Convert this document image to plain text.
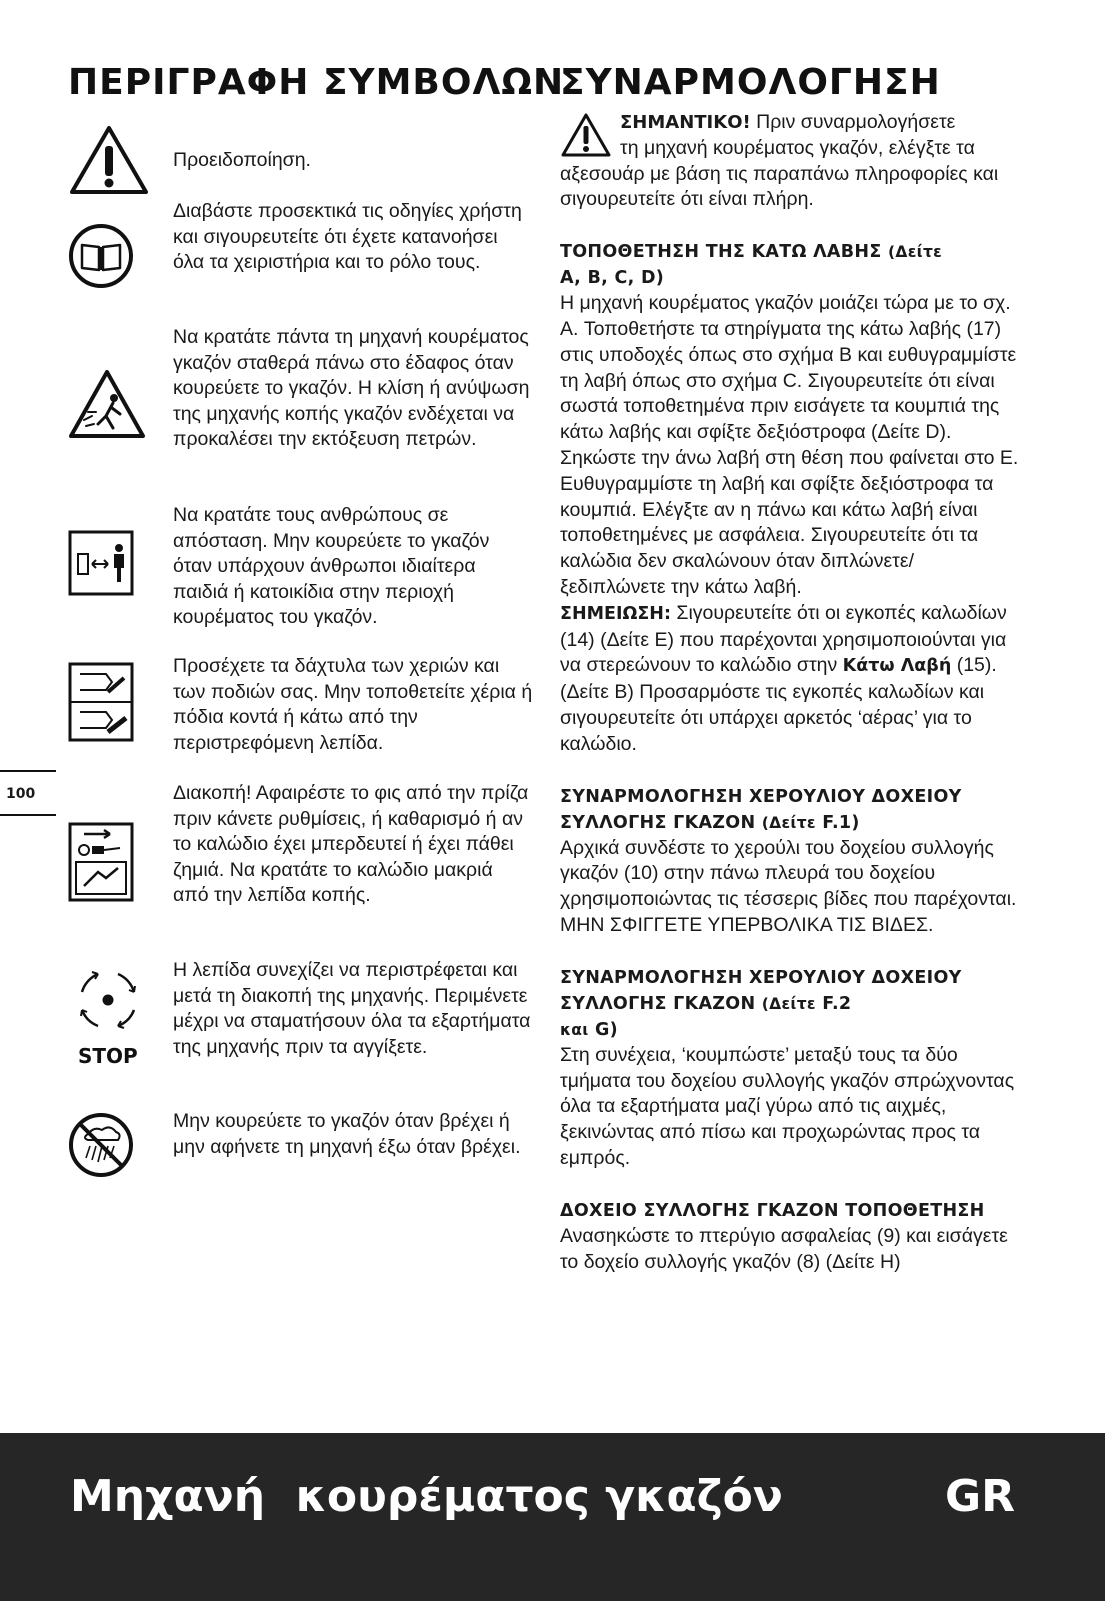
ΠΕΡΙΓΡΑΦΗ ΣΥΜΒΟΛΩΝ
ΣΥΝΑΡΜΟΛΟΓΗΣΗ
Προειδοποίηση.
Διαβάστε προσεκτικά τις οδηγίες χρήστη και σιγουρευτείτε ότι έχετε κατανοήσει όλα τα χειριστήρια και το ρόλο τους.
Να κρατάτε πάντα τη μηχανή κουρέματος γκαζόν σταθερά πάνω στο έδαφος όταν κουρεύετε το γκαζόν. Η κλίση ή ανύψωση της μηχανής κοπής γκαζόν ενδέχεται να προκαλέσει την εκτόξευση πετρών.
Να κρατάτε τους ανθρώπους σε απόσταση. Μην κουρεύετε το γκαζόν όταν υπάρχουν άνθρωποι ιδιαίτερα παιδιά ή κατοικίδια στην περιοχή κουρέματος του γκαζόν.
Προσέχετε τα δάχτυλα των χεριών και των ποδιών σας. Μην τοποθετείτε χέρια ή πόδια κοντά ή κάτω από την περιστρεφόμενη λεπίδα.
Διακοπή! Αφαιρέστε το φις από την πρίζα πριν κάνετε ρυθμίσεις, ή καθαρισμό ή αν το καλώδιο έχει μπερδευτεί ή έχει πάθει ζημιά. Να κρατάτε το καλώδιο μακριά από την λεπίδα κοπής.
STOP
Η λεπίδα συνεχίζει να περιστρέφεται και μετά τη διακοπή της μηχανής. Περιμένετε μέχρι να σταματήσουν όλα τα εξαρτήματα της μηχανής πριν τα αγγίξετε.
Μην κουρεύετε το γκαζόν όταν βρέχει ή μην αφήνετε τη μηχανή έξω όταν βρέχει.
100
ΣΗΜΑΝΤΙΚΟ! Πριν συναρμολογήσετε
τη μηχανή κουρέματος γκαζόν, ελέγξτε τα
αξεσουάρ με βάση τις παραπάνω πληροφορίες και σιγουρευτείτε ότι είναι πλήρη.
ΤΟΠΟΘΕΤΗΣΗ ΤΗΣ ΚΑΤΩ ΛΑΒΗΣ (Δείτε
A, B, C, D)

Η μηχανή κουρέματος γκαζόν μοιάζει τώρα με το σχ. A. Τοποθετήστε τα στηρίγματα της κάτω λαβής (17) στις υποδοχές όπως στο σχήμα B και ευθυγραμμίστε τη λαβή όπως στο σχήμα C. Σιγουρευτείτε ότι είναι σωστά τοποθετημένα πριν εισάγετε τα κουμπιά της κάτω λαβής και σφίξτε δεξιόστροφα (Δείτε D). Σηκώστε την άνω λαβή στη θέση που φαίνεται στο E. Ευθυγραμμίστε τη λαβή και σφίξτε δεξιόστροφα τα κουμπιά. Ελέγξτε αν η πάνω και κάτω λαβή είναι τοποθετημένες με ασφάλεια. Σιγουρευτείτε ότι τα καλώδια δεν σκαλώνουν όταν διπλώνετε/ ξεδιπλώνετε την κάτω λαβή.

ΣΗΜΕΙΩΣΗ: Σιγουρευτείτε ότι οι εγκοπές καλωδίων (14) (Δείτε E) που παρέχονται χρησιμοποιούνται για να στερεώνουν το καλώδιο στην Κάτω Λαβή (15). (Δείτε B) Προσαρμόστε τις εγκοπές καλωδίων και σιγουρευτείτε ότι υπάρχει αρκετός ‘αέρας’ για το καλώδιο.

ΣΥΝΑΡΜΟΛΟΓΗΣΗ ΧΕΡΟΥΛΙΟΥ ΔΟΧΕΙΟΥ ΣΥΛΛΟΓΗΣ ΓΚΑΖΟΝ (Δείτε F.1)

Αρχικά συνδέστε το χερούλι του δοχείου συλλογής γκαζόν (10) στην πάνω πλευρά του δοχείου χρησιμοποιώντας τις τέσσερις βίδες που παρέχονται.

ΜΗΝ ΣΦΙΓΓΕΤΕ ΥΠΕΡΒΟΛΙΚΑ ΤΙΣ ΒΙΔΕΣ.

ΣΥΝΑΡΜΟΛΟΓΗΣΗ ΧΕΡΟΥΛΙΟΥ ΔΟΧΕΙΟΥ ΣΥΛΛΟΓΗΣ ΓΚΑΖΟΝ (Δείτε F.2
και G)

Στη συνέχεια, ‘κουμπώστε’ μεταξύ τους τα δύο τμήματα του δοχείου συλλογής γκαζόν σπρώχνοντας όλα τα εξαρτήματα μαζί γύρω από τις αιχμές, ξεκινώντας από πίσω και προχωρώντας προς τα εμπρός.

ΔΟΧΕΙΟ ΣΥΛΛΟΓΗΣ ΓΚΑΖΟΝ ΤΟΠΟΘΕΤΗΣΗ

Ανασηκώστε το πτερύγιο ασφαλείας (9) και εισάγετε το δοχείο συλλογής γκαζόν (8) (Δείτε H)

Μηχανή  κουρέματος γκαζόν	GR
